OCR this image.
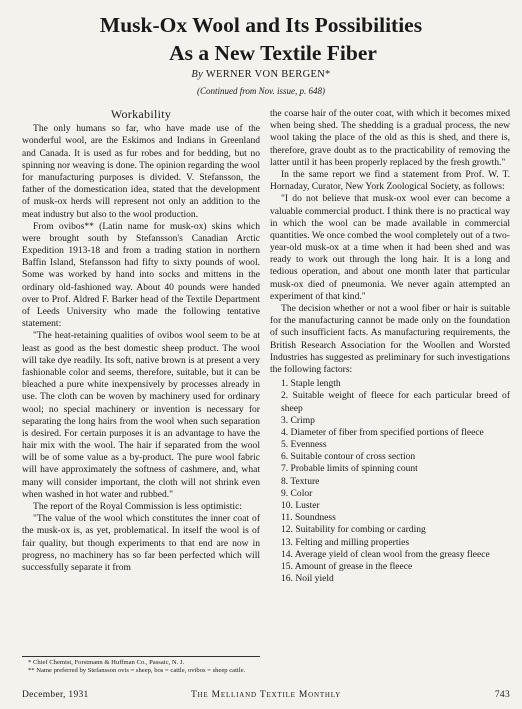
Musk-Ox Wool and Its Possibilities
As a New Textile Fiber
By WERNER VON BERGEN*
(Continued from Nov. issue, p. 648)
Workability

The only humans so far, who have made use of the wonderful wool, are the Eskimos and Indians in Greenland and Canada. It is used as fur robes and for bedding, but no spinning nor weaving is done. The opinion regarding the wool for manufacturing purposes is divided. V. Stefansson, the father of the domestication idea, stated that the development of musk-ox herds will represent not only an addition to the meat industry but also to the wool production.

From ovibos** (Latin name for musk-ox) skins which were brought south by Stefansson's Canadian Arctic Expedition 1913-18 and from a trading station in northern Baffin Island, Stefansson had fifty to sixty pounds of wool. Some was worked by hand into socks and mittens in the ordinary old-fashioned way. About 40 pounds were handed over to Prof. Aldred F. Barker head of the Textile Department of Leeds University who made the following tentative statement:

"The heat-retaining qualities of ovibos wool seem to be at least as good as the best domestic sheep product. The wool will take dye readily. Its soft, native brown is at present a very fashionable color and seems, therefore, suitable, but it can be bleached a pure white inexpensively by processes already in use. The cloth can be woven by machinery used for ordinary wool; no special machinery or invention is necessary for separating the long hairs from the wool when such separation is desired. For certain purposes it is an advantage to have the hair mix with the wool. The hair if separated from the wool will be of some value as a by-product. The pure wool fabric will have approximately the softness of cashmere, and, what many will consider important, the cloth will not shrink even when washed in hot water and rubbed."

The report of the Royal Commission is less optimistic:

"The value of the wool which constitutes the inner coat of the musk-ox is, as yet, problematical. In itself the wool is of fair quality, but though experiments to that end are now in progress, no machinery has so far been perfected which will successfully separate it from

the coarse hair of the outer coat, with which it becomes mixed when being shed. The shedding is a gradual process, the new wool taking the place of the old as this is shed, and there is, therefore, grave doubt as to the practicability of removing the latter until it has been properly replaced by the fresh growth."

In the same report we find a statement from Prof. W. T. Hornaday, Curator, New York Zoological Society, as follows:

"I do not believe that musk-ox wool ever can become a valuable commercial product. I think there is no practical way in which the wool can be made available in commercial quantities. We once combed the wool completely out of a two-year-old musk-ox at a time when it had been shed and was ready to work out through the long hair. It is a long and tedious operation, and about one month later that particular musk-ox died of pneumonia. We never again attempted an experiment of that kind."

The decision whether or not a wool fiber or hair is suitable for the manufacturing cannot be made only on the foundation of such insufficient facts. As manufacturing requirements, the British Research Association for the Woollen and Worsted Industries has suggested as preliminary for such investigations the following factors:

1. Staple length
2. Suitable weight of fleece for each particular breed of sheep
3. Crimp
4. Diameter of fiber from specified portions of fleece
5. Evenness
6. Suitable contour of cross section
7. Probable limits of spinning count
8. Texture
9. Color
10. Luster
11. Soundness
12. Suitability for combing or carding
13. Felting and milling properties
14. Average yield of clean wool from the greasy fleece
15. Amount of grease in the fleece
16. Noil yield
* Chief Chemist, Forstmann & Huffman Co., Passaic, N. J.
** Name preferred by Stefansson ovis = sheep, bos = cattle, ovibos = sheep cattle.
December, 1931	The Melliand Textile Monthly	743
